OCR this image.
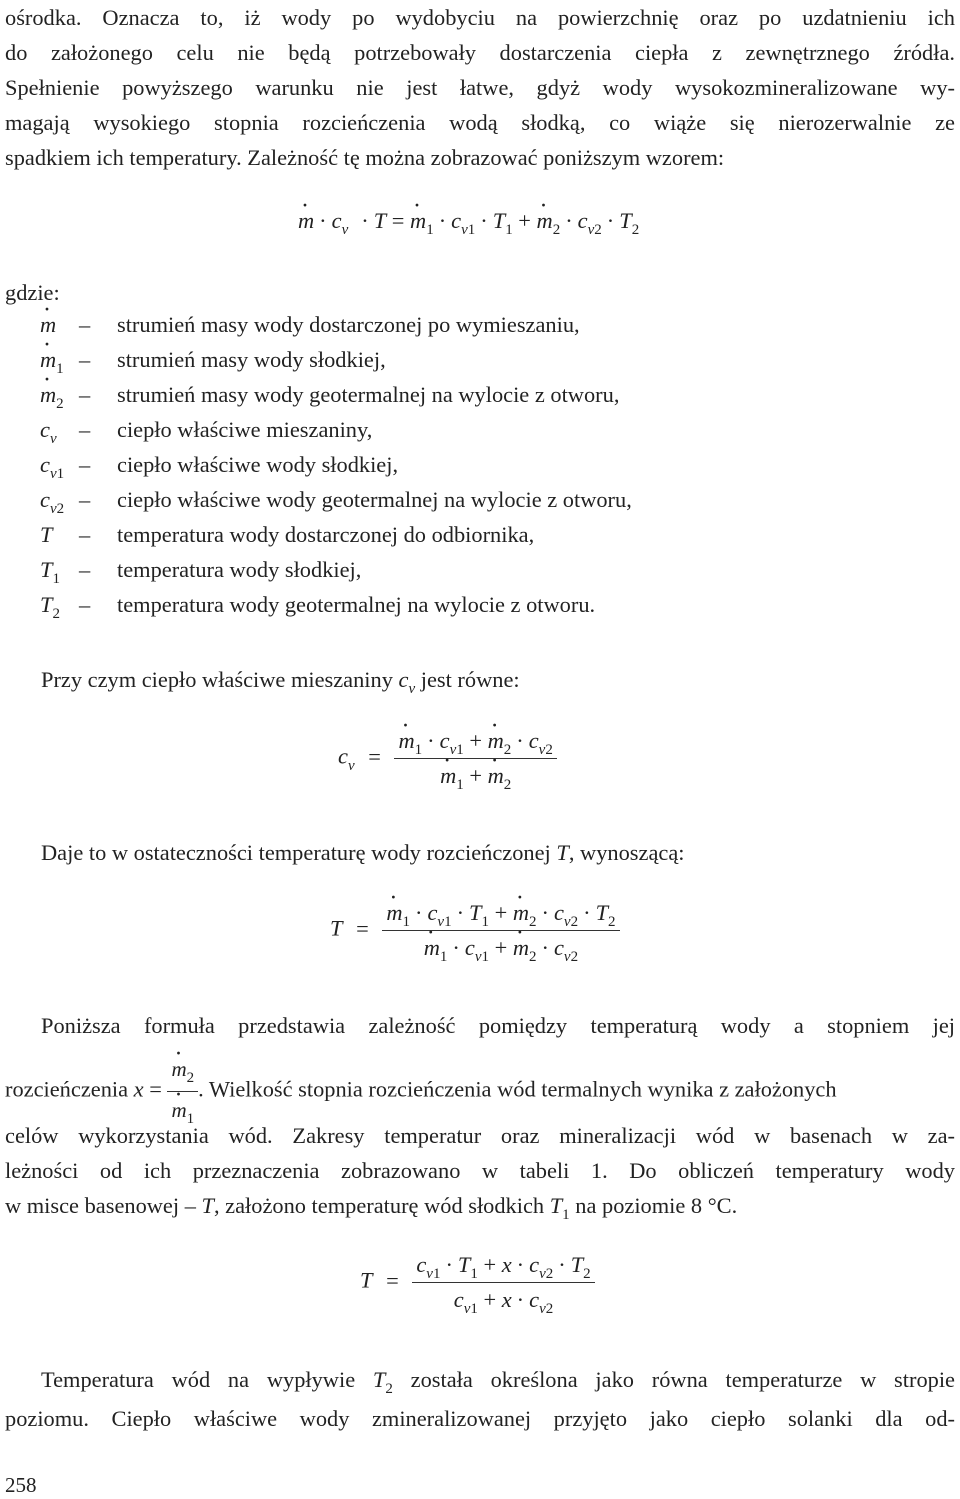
ośrodka. Oznacza to, iż wody po wydobyciu na powierzchnię oraz po uzdatnieniu ich
do założonego celu nie będą potrzebowały dostarczenia ciepła z zewnętrznego źródła.
Spełnienie powyższego warunku nie jest łatwe, gdyż wody wysokozmineralizowane wy-
magają wysokiego stopnia rozcieńczenia wodą słodką, co wiąże się nierozerwalnie ze
spadkiem ich temperatury. Zależność tę można zobrazować poniższym wzorem:
· $m \cdot c_v \cdot T$ = · $m_1 \cdot c_{v1} \cdot T_1$ + · $m_2 \cdot c_{v2} \cdot T_2$
gdzie:
· m	– strumień masy wody dostarczonej po wymieszaniu,
· $m_1$ – strumień masy wody słodkiej,
· $m_2$ – strumień masy wody geotermalnej na wylocie z otworu,
$c_v$ – ciepło właściwe mieszaniny,
$c_{v1}$ – ciepło właściwe wody słodkiej,
$c_{v2}$ – ciepło właściwe wody geotermalnej na wylocie z otworu,
T	– temperatura wody dostarczonej do odbiornika,
$T_1$ – temperatura wody słodkiej,
$T_2$ – temperatura wody geotermalnej na wylocie z otworu.
Przy czym ciepło właściwe mieszaniny $c_v$ jest równe:
$c_v$ = · $m_1 \cdot c_{v1}$ + · $m_2 \cdot c_{v2}$
· $m_1$ + · $m_2$
Daje to w ostateczności temperaturę wody rozcieńczonej T, wynoszącą:
T = · $m_1 \cdot c_{v1} \cdot T_1$ + · $m_2 \cdot c_{v2} \cdot T_2$
· $m_1 \cdot c_{v1}$ + · $m_2 \cdot c_{v2}$
Poniższa formuła przedstawia zależność pomiędzy temperaturą wody a stopniem jej
rozcieńczenia x = · $m_2$
· $m_1$ . Wielkość stopnia rozcieńczenia wód termalnych wynika z założonych
celów wykorzystania wód. Zakresy temperatur oraz mineralizacji wód w basenach w za-
leżności od ich przeznaczenia zobrazowano w tabeli 1. Do obliczeń temperatury wody
w misce basenowej – T, założono temperaturę wód słodkich $T_1$ na poziomie 8 °C.
$T = \frac{c_{v1} \cdot T_1 + x \cdot c_{v2} \cdot T_2}{c_{v1} + x \cdot c_{v2}}$
Temperatura wód na wypływie $T_2$ została określona jako równa temperaturze w stropie
poziomu. Ciepło właściwe wody zmineralizowanej przyjęto jako ciepło solanki dla od-
258
